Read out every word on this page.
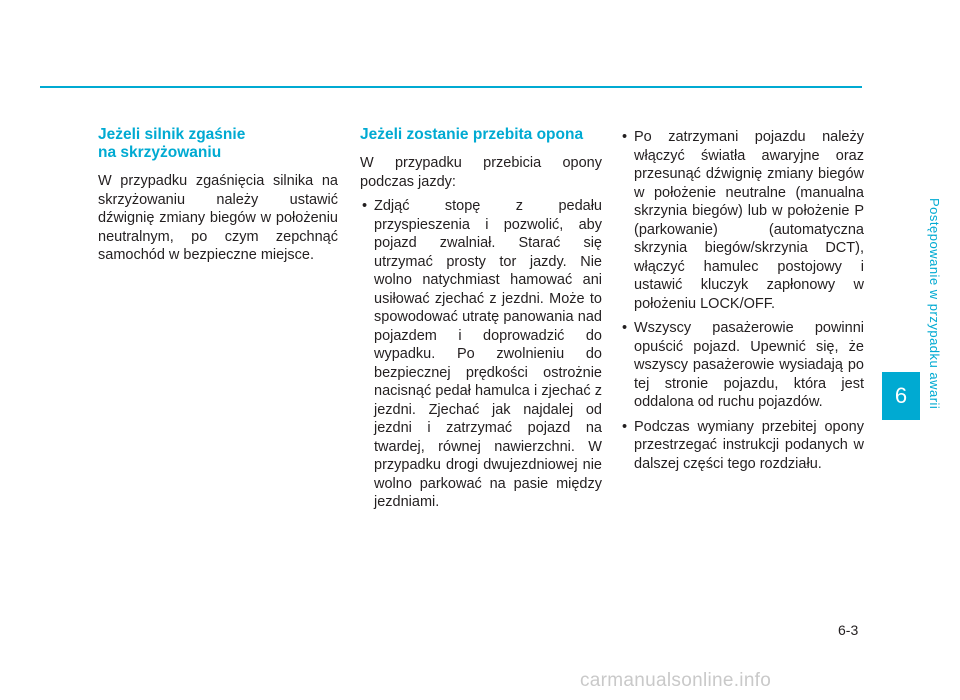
Postępowanie w przypadku awarii
6
Jeżeli silnik zgaśnie
na skrzyżowaniu

W przypadku zgaśnięcia silnika na skrzyżowaniu należy ustawić dźwignię zmiany biegów w położeniu neutralnym, po czym zepchnąć samochód w bezpieczne miejsce.

Jeżeli zostanie przebita opona

W przypadku przebicia opony podczas jazdy:

• Zdjąć stopę z pedału przyspieszenia i pozwolić, aby pojazd zwalniał. Starać się utrzymać prosty tor jazdy. Nie wolno natychmiast hamować ani usiłować zjechać z jezdni. Może to spowodować utratę panowania nad pojazdem i doprowadzić do wypadku. Po zwolnieniu do bezpiecznej prędkości ostrożnie nacisnąć pedał hamulca i zjechać z jezdni. Zjechać jak najdalej od jezdni i zatrzymać pojazd na twardej, równej nawierzchni. W przypadku drogi dwujezdniowej nie wolno parkować na pasie między jezdniami.
• Po zatrzymani pojazdu należy włączyć światła awaryjne oraz przesunąć dźwignię zmiany biegów w położenie neutralne (manualna skrzynia biegów) lub w położenie P (parkowanie) (automatyczna skrzynia biegów/skrzynia DCT), włączyć hamulec postojowy i ustawić kluczyk zapłonowy w położeniu LOCK/OFF.
• Wszyscy pasażerowie powinni opuścić pojazd. Upewnić się, że wszyscy pasażerowie wysiadają po tej stronie pojazdu, która jest oddalona od ruchu pojazdów.
• Podczas wymiany przebitej opony przestrzegać instrukcji podanych w dalszej części tego rozdziału.
6-3
carmanualsonline.info
